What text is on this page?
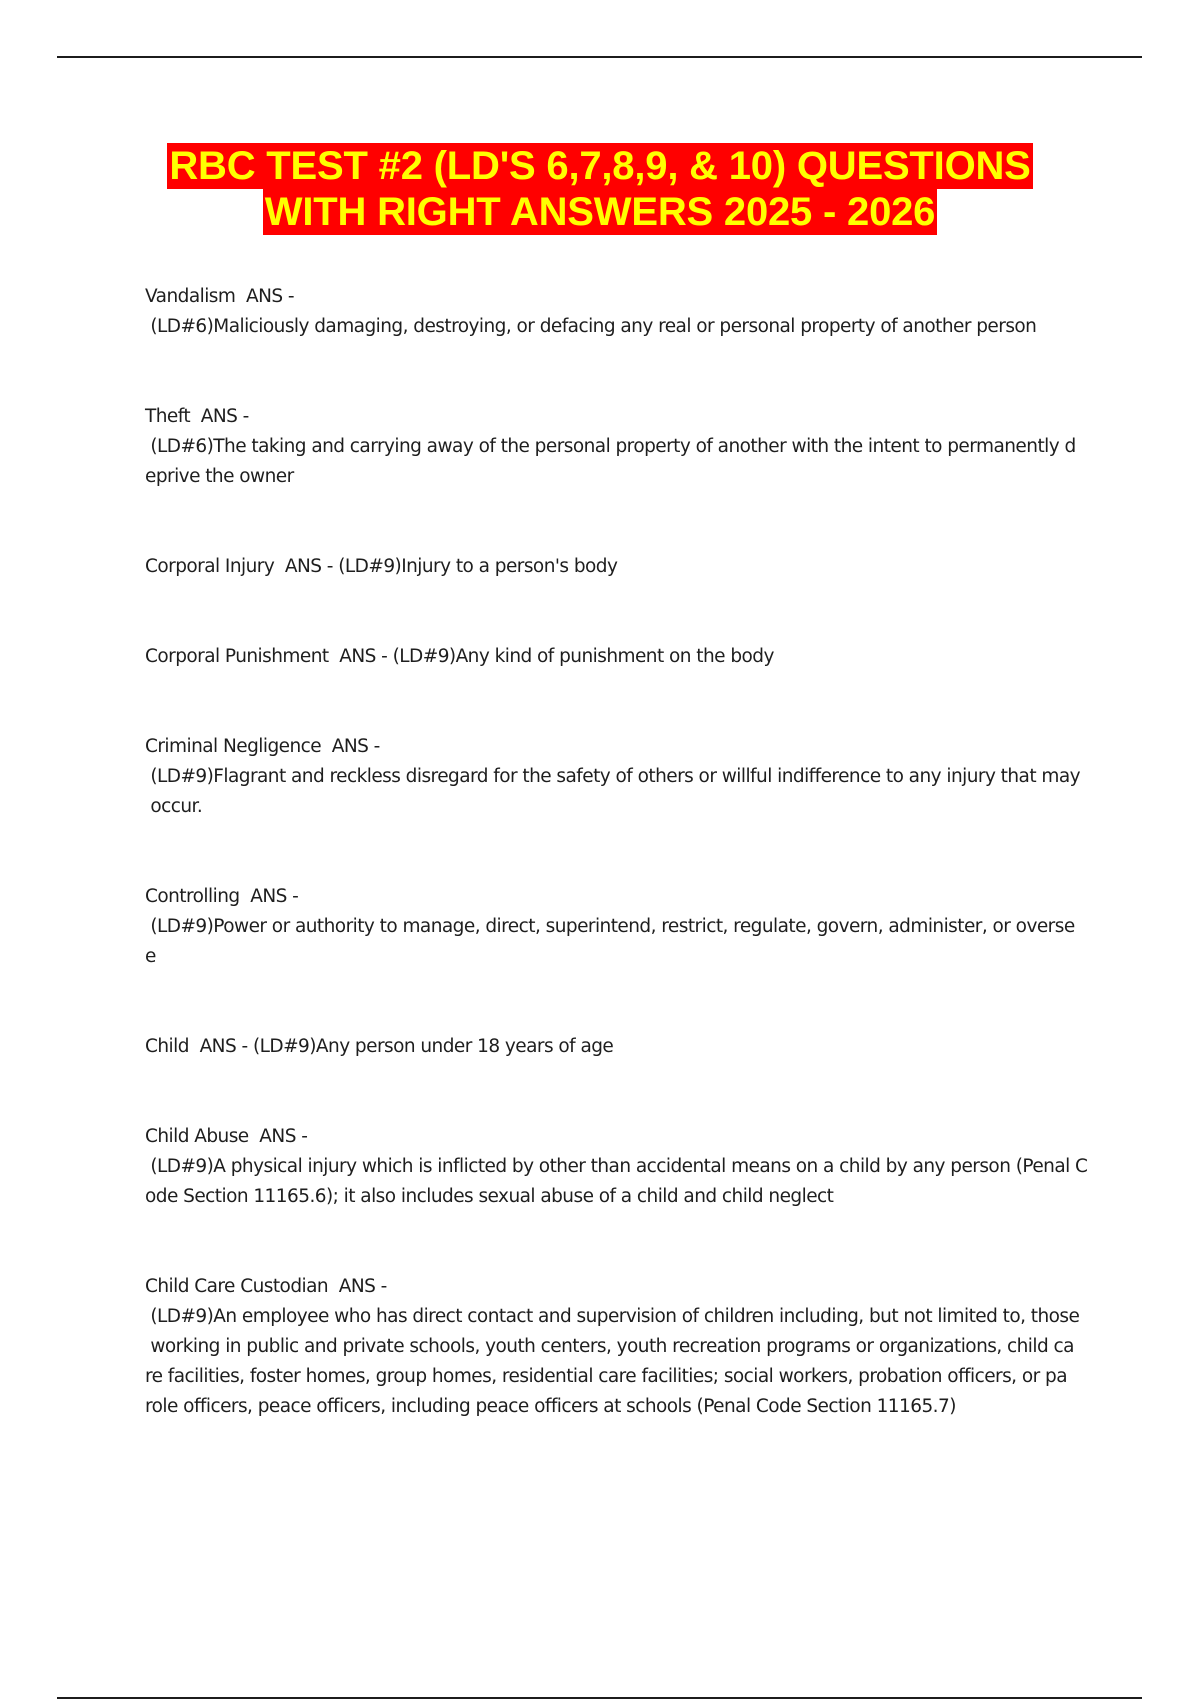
RBC TEST #2 (LD'S 6,7,8,9, & 10) QUESTIONS
WITH RIGHT ANSWERS 2025 - 2026

Vandalism  ANS -

(LD#6)Maliciously damaging, destroying, or defacing any real or personal property of another person

Theft  ANS -

(LD#6)The taking and carrying away of the personal property of another with the intent to permanently d

eprive the owner

Corporal Injury  ANS - (LD#9)Injury to a person's body

Corporal Punishment  ANS - (LD#9)Any kind of punishment on the body

Criminal Negligence  ANS -

(LD#9)Flagrant and reckless disregard for the safety of others or willful indifference to any injury that may

occur.

Controlling  ANS -

(LD#9)Power or authority to manage, direct, superintend, restrict, regulate, govern, administer, or overse

e

Child  ANS - (LD#9)Any person under 18 years of age

Child Abuse  ANS -

(LD#9)A physical injury which is inflicted by other than accidental means on a child by any person (Penal C

ode Section 11165.6); it also includes sexual abuse of a child and child neglect

Child Care Custodian  ANS -

(LD#9)An employee who has direct contact and supervision of children including, but not limited to, those

working in public and private schools, youth centers, youth recreation programs or organizations, child ca

re facilities, foster homes, group homes, residential care facilities; social workers, probation officers, or pa

role officers, peace officers, including peace officers at schools (Penal Code Section 11165.7)
